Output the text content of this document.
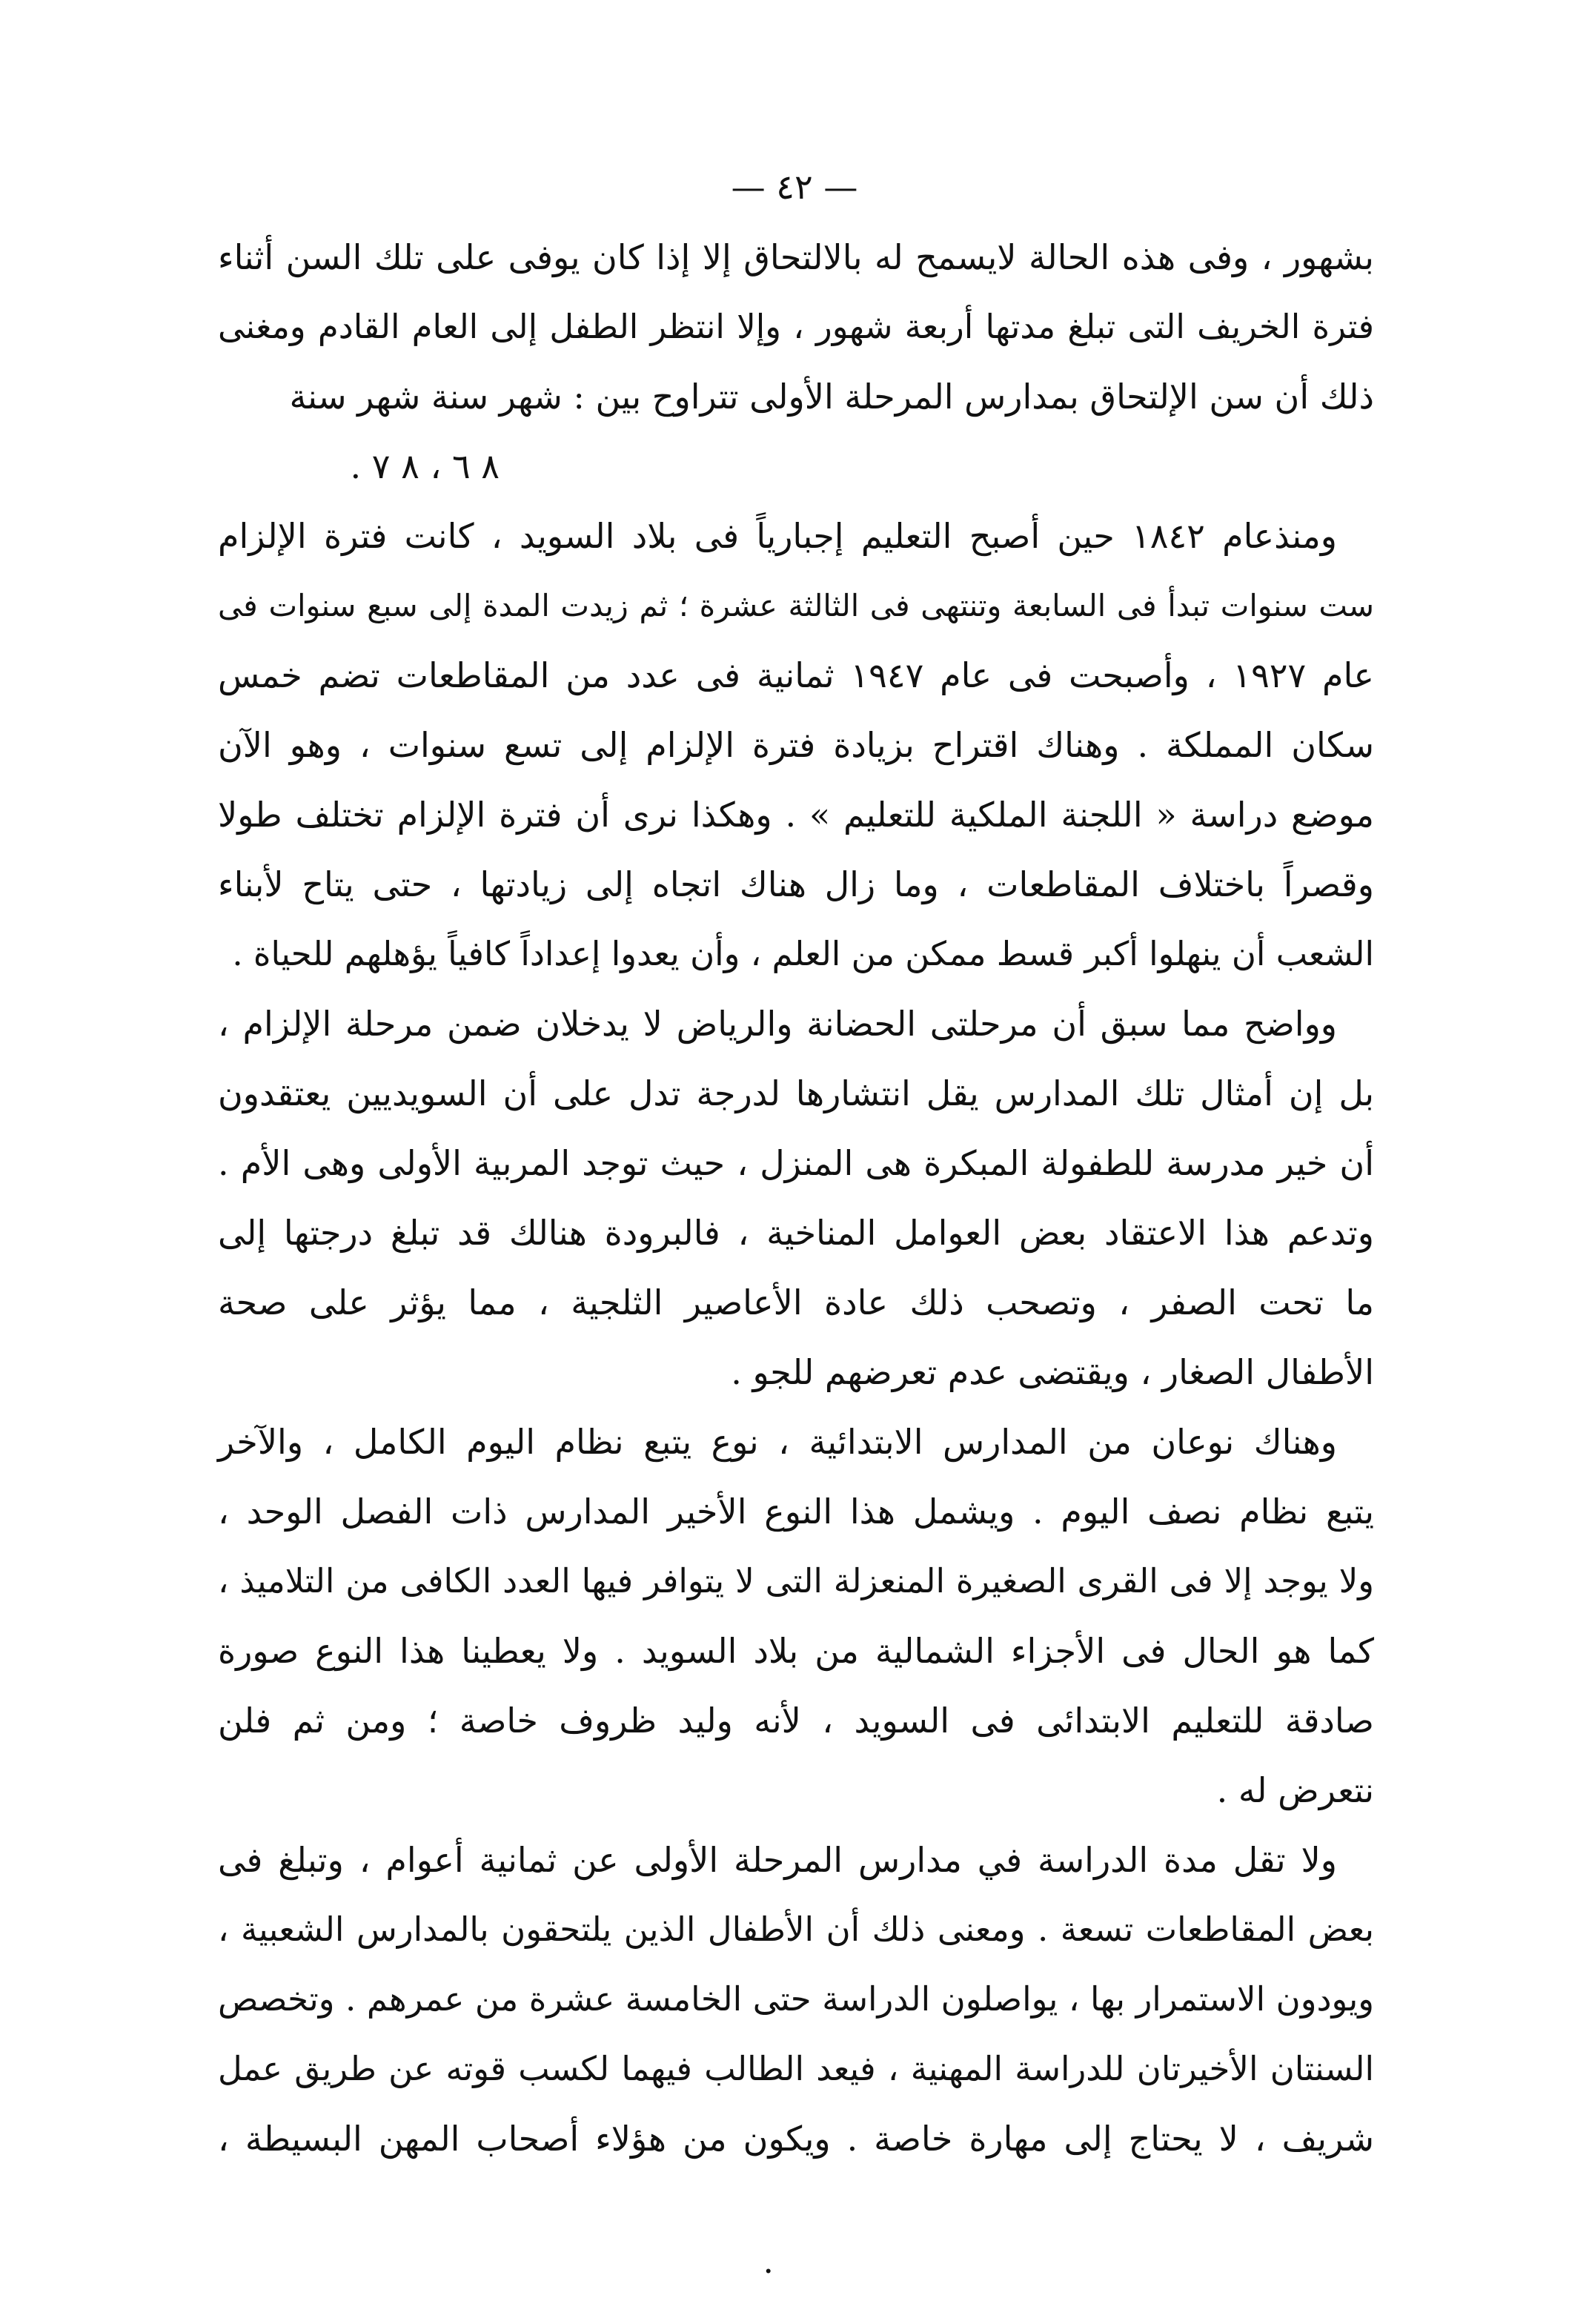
— ٤٢ —
بشهور ، وفى هذه الحالة لايسمح له بالالتحاق إلا إذا كان يوفى على تلك السن أثناء
فترة الخريف التى تبلغ مدتها أربعة شهور ، وإلا انتظر الطفل إلى العام القادم ومغنى
ذلك أن سن الإلتحاق بمدارس المرحلة الأولى تتراوح بين : شهر سنة شهر سنة
٨ ٦ ، ٨ ٧ .
ومنذعام ١٨٤٢ حين أصبح التعليم إجبارياً فى بلاد السويد ، كانت فترة الإلزام
ست سنوات تبدأ فى السابعة وتنتهى فى الثالثة عشرة ؛ ثم زيدت المدة إلى سبع سنوات فى
عام ١٩٢٧ ، وأصبحت فى عام ١٩٤٧ ثمانية فى عدد من المقاطعات تضم خمس
سكان المملكة . وهناك اقتراح بزيادة فترة الإلزام إلى تسع سنوات ، وهو الآن
موضع دراسة « اللجنة الملكية للتعليم » . وهكذا نرى أن فترة الإلزام تختلف طولا
وقصراً باختلاف المقاطعات ، وما زال هناك اتجاه إلى زيادتها ، حتى يتاح لأبناء
الشعب أن ينهلوا أكبر قسط ممكن من العلم ، وأن يعدوا إعداداً كافياً يؤهلهم للحياة .
وواضح مما سبق أن مرحلتى الحضانة والرياض لا يدخلان ضمن مرحلة الإلزام ،
بل إن أمثال تلك المدارس يقل انتشارها لدرجة تدل على أن السويديين يعتقدون
أن خير مدرسة للطفولة المبكرة هى المنزل ، حيث توجد المربية الأولى وهى الأم .
وتدعم هذا الاعتقاد بعض العوامل المناخية ، فالبرودة هنالك قد تبلغ درجتها إلى
ما تحت الصفر ، وتصحب ذلك عادة الأعاصير الثلجية ، مما يؤثر على صحة
الأطفال الصغار ، ويقتضى عدم تعرضهم للجو .
وهناك نوعان من المدارس الابتدائية ، نوع يتبع نظام اليوم الكامل ، والآخر
يتبع نظام نصف اليوم . ويشمل هذا النوع الأخير المدارس ذات الفصل الوحد ،
ولا يوجد إلا فى القرى الصغيرة المنعزلة التى لا يتوافر فيها العدد الكافى من التلاميذ ،
كما هو الحال فى الأجزاء الشمالية من بلاد السويد . ولا يعطينا هذا النوع صورة
صادقة للتعليم الابتدائى فى السويد ، لأنه وليد ظروف خاصة ؛ ومن ثم فلن
نتعرض له .
ولا تقل مدة الدراسة في مدارس المرحلة الأولى عن ثمانية أعوام ، وتبلغ فى
بعض المقاطعات تسعة . ومعنى ذلك أن الأطفال الذين يلتحقون بالمدارس الشعبية ،
ويودون الاستمرار بها ، يواصلون الدراسة حتى الخامسة عشرة من عمرهم . وتخصص
السنتان الأخيرتان للدراسة المهنية ، فيعد الطالب فيهما لكسب قوته عن طريق عمل
شريف ، لا يحتاج إلى مهارة خاصة . ويكون من هؤلاء أصحاب المهن البسيطة ،
.
